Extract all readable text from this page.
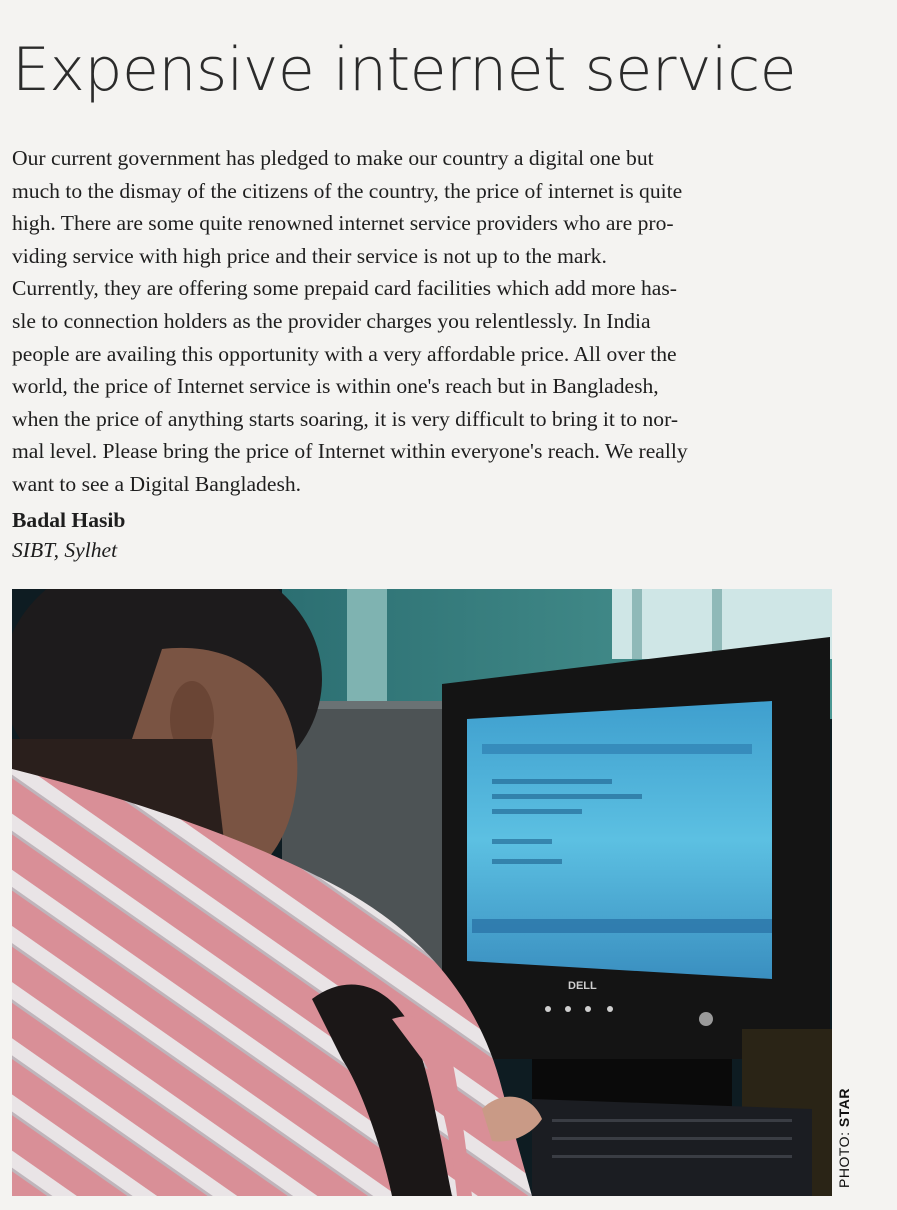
Expensive internet service

Our current government has pledged to make our country a digital one but
much to the dismay of the citizens of the country, the price of internet is quite
high. There are some quite renowned internet service providers who are pro-
viding service with high price and their service is not up to the mark.
Currently, they are offering some prepaid card facilities which add more has-
sle to connection holders as the provider charges you relentlessly. In India
people are availing this opportunity with a very affordable price. All over the
world, the price of Internet service is within one's reach but in Bangladesh,
when the price of anything starts soaring, it is very difficult to bring it to nor-
mal level. Please bring the price of Internet within everyone's reach. We really
want to see a Digital Bangladesh.

Badal Hasib
SIBT, Sylhet
DELL
PHOTO: STAR
